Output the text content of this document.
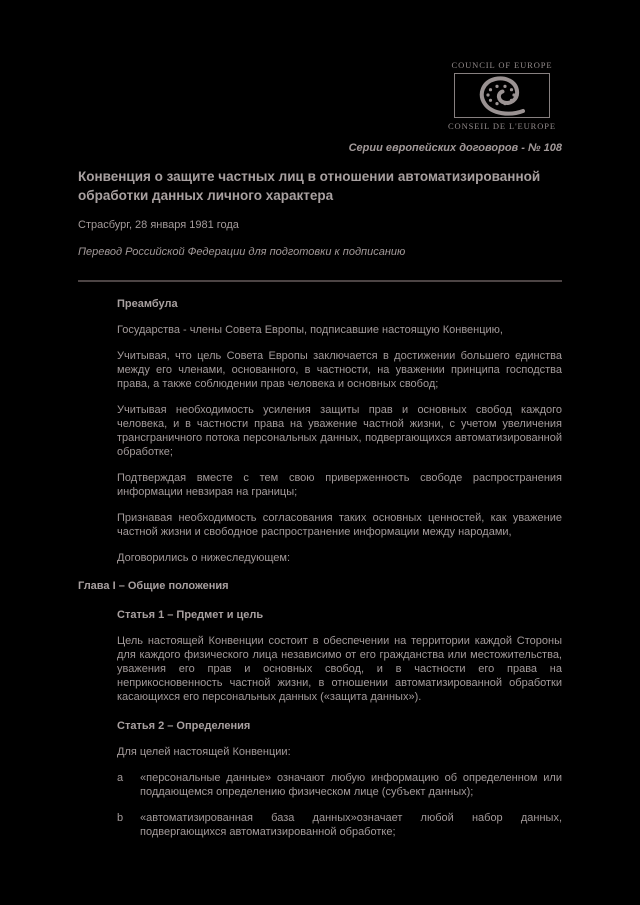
COUNCIL OF EUROPE
CONSEIL DE L'EUROPE
Серии европейских договоров - № 108
Конвенция о защите частных лиц в отношении автоматизированной обработки данных личного характера

Страсбург, 28 января 1981 года

Перевод Российской Федерации для подготовки к подписанию

Преамбула

Государства - члены Совета Европы, подписавшие настоящую Конвенцию,

Учитывая, что цель Совета Европы заключается в достижении большего единства между его членами, основанного, в частности, на уважении принципа господства права, а также соблюдении прав человека и основных свобод;

Учитывая необходимость усиления защиты прав и основных свобод каждого человека, и в частности права на уважение частной жизни, с учетом увеличения трансграничного потока персональных данных, подвергающихся автоматизированной обработке;

Подтверждая вместе с тем свою приверженность свободе распространения информации невзирая на границы;

Признавая необходимость согласования таких основных ценностей, как уважение частной жизни и свободное распространение информации между народами,

Договорились о нижеследующем:

Глава I – Общие положения
Статья 1 – Предмет и цель

Цель настоящей Конвенции состоит в обеспечении на территории каждой Стороны для каждого физического лица независимо от его гражданства или местожительства, уважения его прав и основных свобод, и в частности его права на неприкосновенность частной жизни, в отношении автоматизированной обработки касающихся его персональных данных («защита данных»).

Статья 2 – Определения

Для целей настоящей Конвенции:

a	«персональные данные» означают любую информацию об определенном или поддающемся определению физическом лице (субъект данных);
b	«автоматизированная база данных»означает любой набор данных, подвергающихся автоматизированной обработке;
